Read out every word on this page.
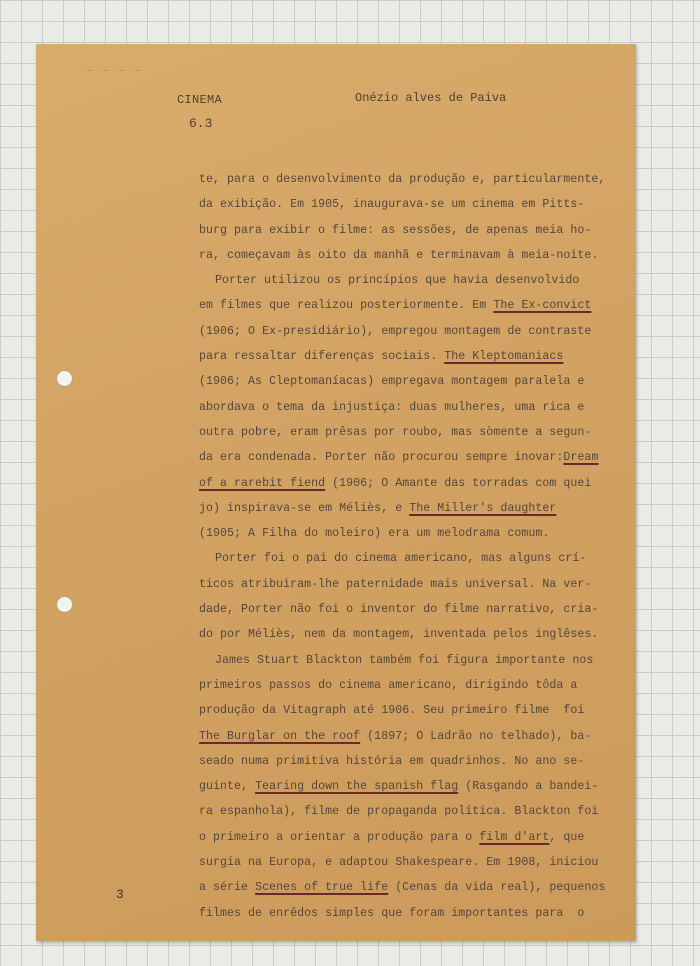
– – – –
CINEMA
6.3
Onézio alves de Paiva
te, para o desenvolvimento da produção e, particularmente,
da exibição. Em 1905, inaugurava-se um cinema em Pitts-
burg para exibir o filme: as sessões, de apenas meia ho-
ra, começavam às oito da manhã e terminavam à meia-noite.
Porter utilizou os princípios que havia desenvolvido
em filmes que realizou posteriormente. Em The Ex-convict
(1906; O Ex-presidiário), empregou montagem de contraste
para ressaltar diferenças sociais. The Kleptomaniacs
(1906; As Cleptomaníacas) empregava montagem paralela e
abordava o tema da injustiça: duas mulheres, uma rica e
outra pobre, eram prêsas por roubo, mas sòmente a segun-
da era condenada. Porter não procurou sempre inovar:Dream
of a rarebit fiend (1906; O Amante das torradas com quei
jo) inspirava-se em Méliès, e The Miller's daughter
(1905; A Filha do moleiro) era um melodrama comum.
Porter foi o pai do cinema americano, mas alguns crí-
ticos atribuiram-lhe paternidade mais universal. Na ver-
dade, Porter não foi o inventor do filme narrativo, cria-
do por Méliès, nem da montagem, inventada pelos inglêses.
James Stuart Blackton também foi figura importante nos
primeiros passos do cinema americano, dirigindo tôda a
produção da Vitagraph até 1906. Seu primeiro filme  foi
The Burglar on the roof (1897; O Ladrão no telhado), ba-
seado numa primitiva história em quadrinhos. No ano se-
guinte, Tearing down the spanish flag (Rasgando a bandei-
ra espanhola), filme de propaganda política. Blackton foi
o primeiro a orientar a produção para o film d'art, que
surgia na Europa, e adaptou Shakespeare. Em 1908, iniciou
a série Scenes of true life (Cenas da vida real), pequenos
filmes de enrêdos simples que foram importantes para  o
3
